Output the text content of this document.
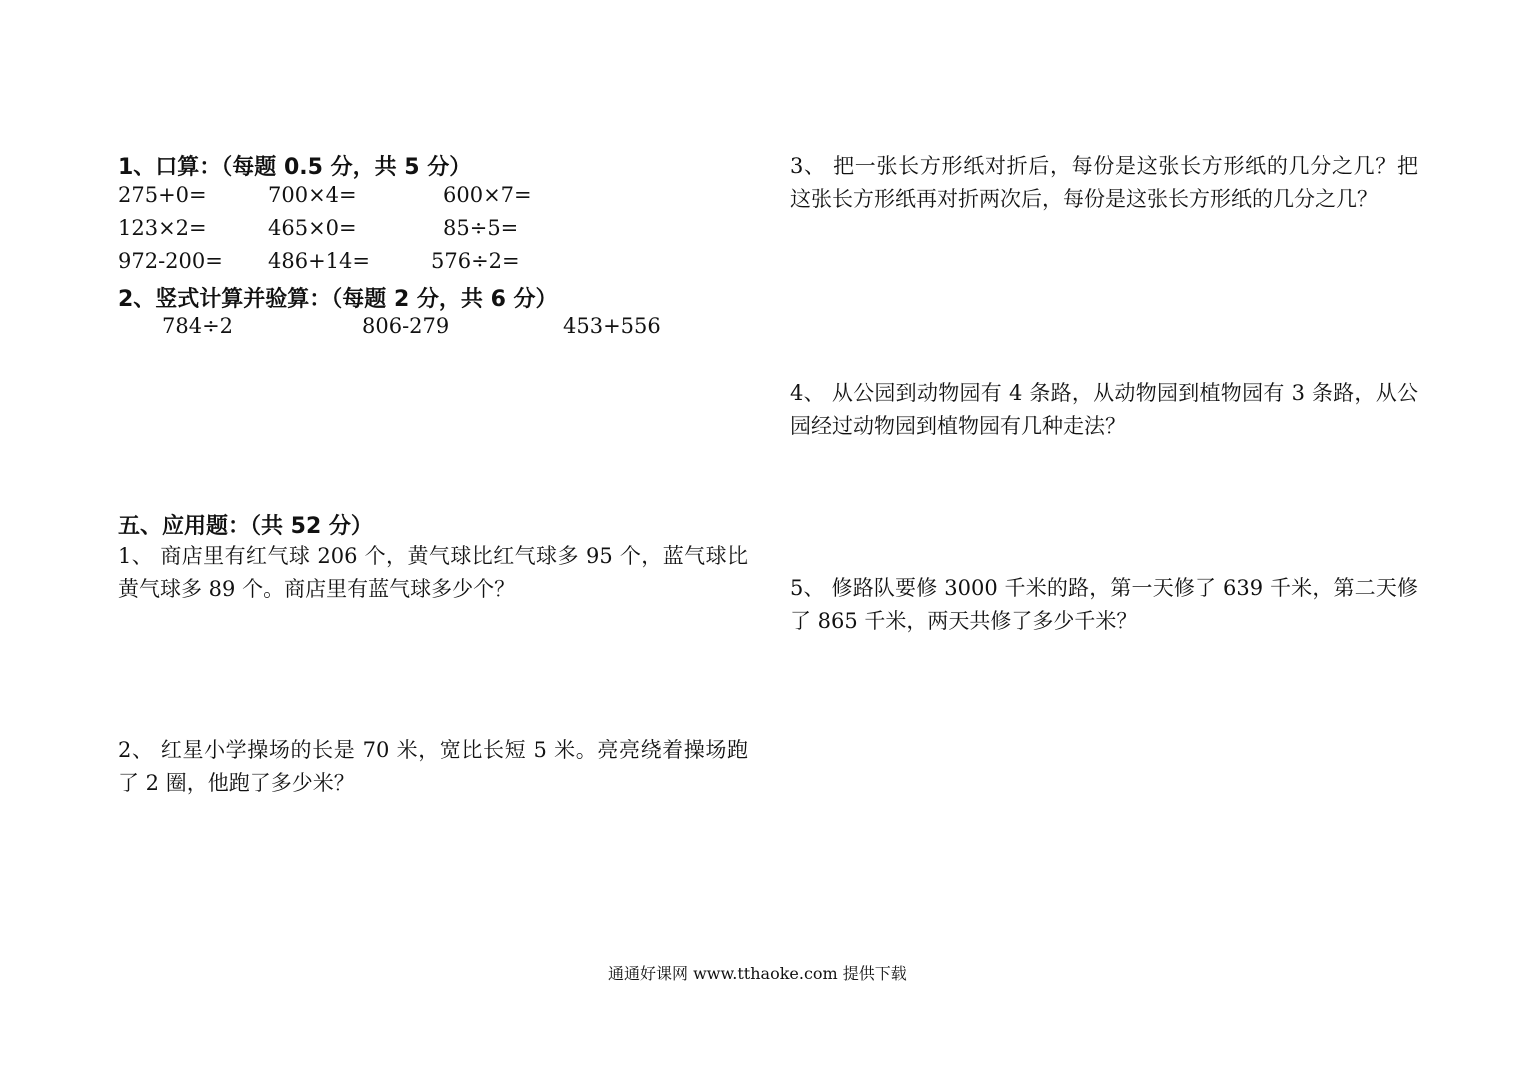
1、口算：（每题 0.5 分，共 5 分）
275+0=	700×4=	600×7=
123×2=	465×0=	85÷5=
972-200= 486+14=	576÷2=
2、竖式计算并验算：（每题 2 分，共 6 分）
784÷2	806-279	453+556
五、应用题：（共 52 分）
1、 商店里有红气球 206 个，黄气球比红气球多 95 个，蓝气球比黄气球多 89 个。商店里有蓝气球多少个？
2、 红星小学操场的长是 70 米，宽比长短 5 米。亮亮绕着操场跑了 2 圈，他跑了多少米？
3、 把一张长方形纸对折后，每份是这张长方形纸的几分之几？把这张长方形纸再对折两次后，每份是这张长方形纸的几分之几？
4、 从公园到动物园有 4 条路，从动物园到植物园有 3 条路，从公园经过动物园到植物园有几种走法？
5、 修路队要修 3000 千米的路，第一天修了 639 千米，第二天修了 865 千米，两天共修了多少千米？
通通好课网 www.tthaoke.com 提供下载
